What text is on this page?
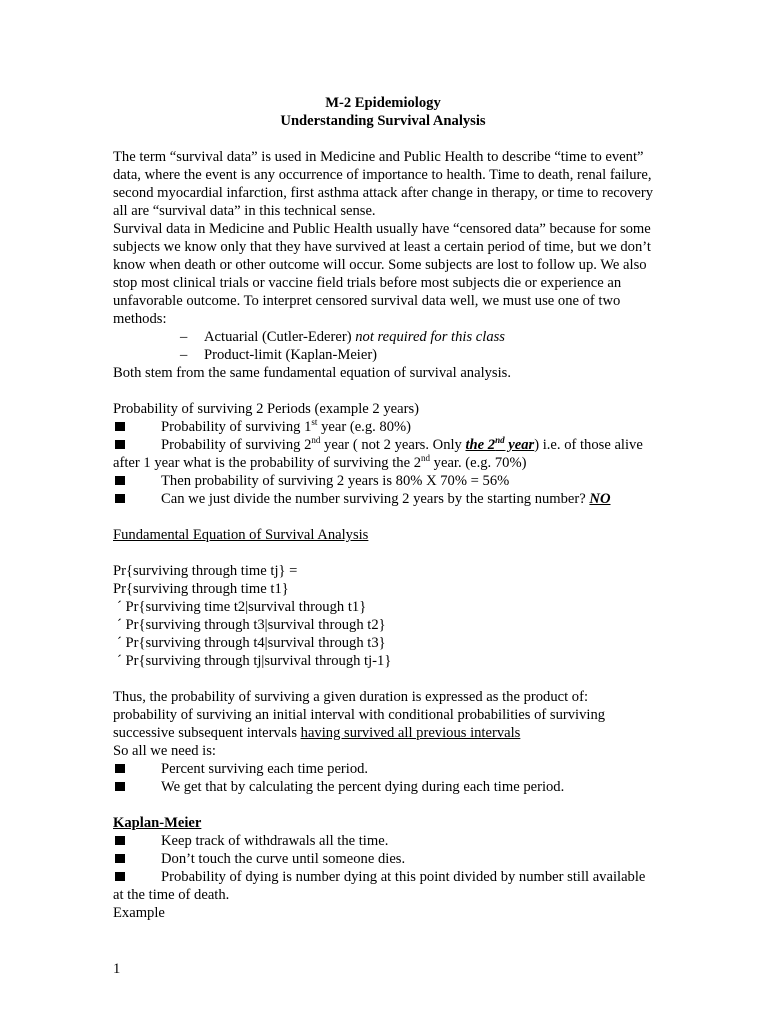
M-2 Epidemiology

Understanding Survival Analysis

The term “survival data” is used in Medicine and Public Health to describe “time to event” data, where the event is any occurrence of importance to health. Time to death, renal failure, second myocardial infarction, first asthma attack after change in therapy, or time to recovery all are “survival data” in this technical sense.

Survival data in Medicine and Public Health usually have “censored data” because for some subjects we know only that they have survived at least a certain period of time, but we don’t know when death or other outcome will occur. Some subjects are lost to follow up. We also stop most clinical trials or vaccine field trials before most subjects die or experience an unfavorable outcome. To interpret censored survival data well, we must use one of two methods:

– Actuarial (Cutler-Ederer) not required for this class

– Product-limit (Kaplan-Meier)

Both stem from the same fundamental equation of survival analysis.

Probability of surviving 2 Periods (example 2 years)

Probability of surviving 1st year (e.g. 80%)

Probability of surviving 2nd year ( not 2 years. Only the 2nd year) i.e. of those alive after 1 year what is the probability of surviving the 2nd year. (e.g. 70%)

Then probability of surviving 2 years is 80% X 70% = 56%

Can we just divide the number surviving 2 years by the starting number? NO

Fundamental Equation of Survival Analysis

Pr{surviving through time tj} =

Pr{surviving through time t1}

´ Pr{surviving time t2|survival through t1}

´ Pr{surviving through t3|survival through t2}

´ Pr{surviving through t4|survival through t3}

´ Pr{surviving through tj|survival through tj-1}

Thus, the probability of surviving a given duration is expressed as the product of: probability of surviving an initial interval with conditional probabilities of surviving successive subsequent intervals having survived all previous intervals

So all we need is:

Percent surviving each time period.

We get that by calculating the percent dying during each time period.

Kaplan-Meier

Keep track of withdrawals all the time.

Don’t touch the curve until someone dies.

Probability of dying is number dying at this point divided by number still available at the time of death.

Example

1
